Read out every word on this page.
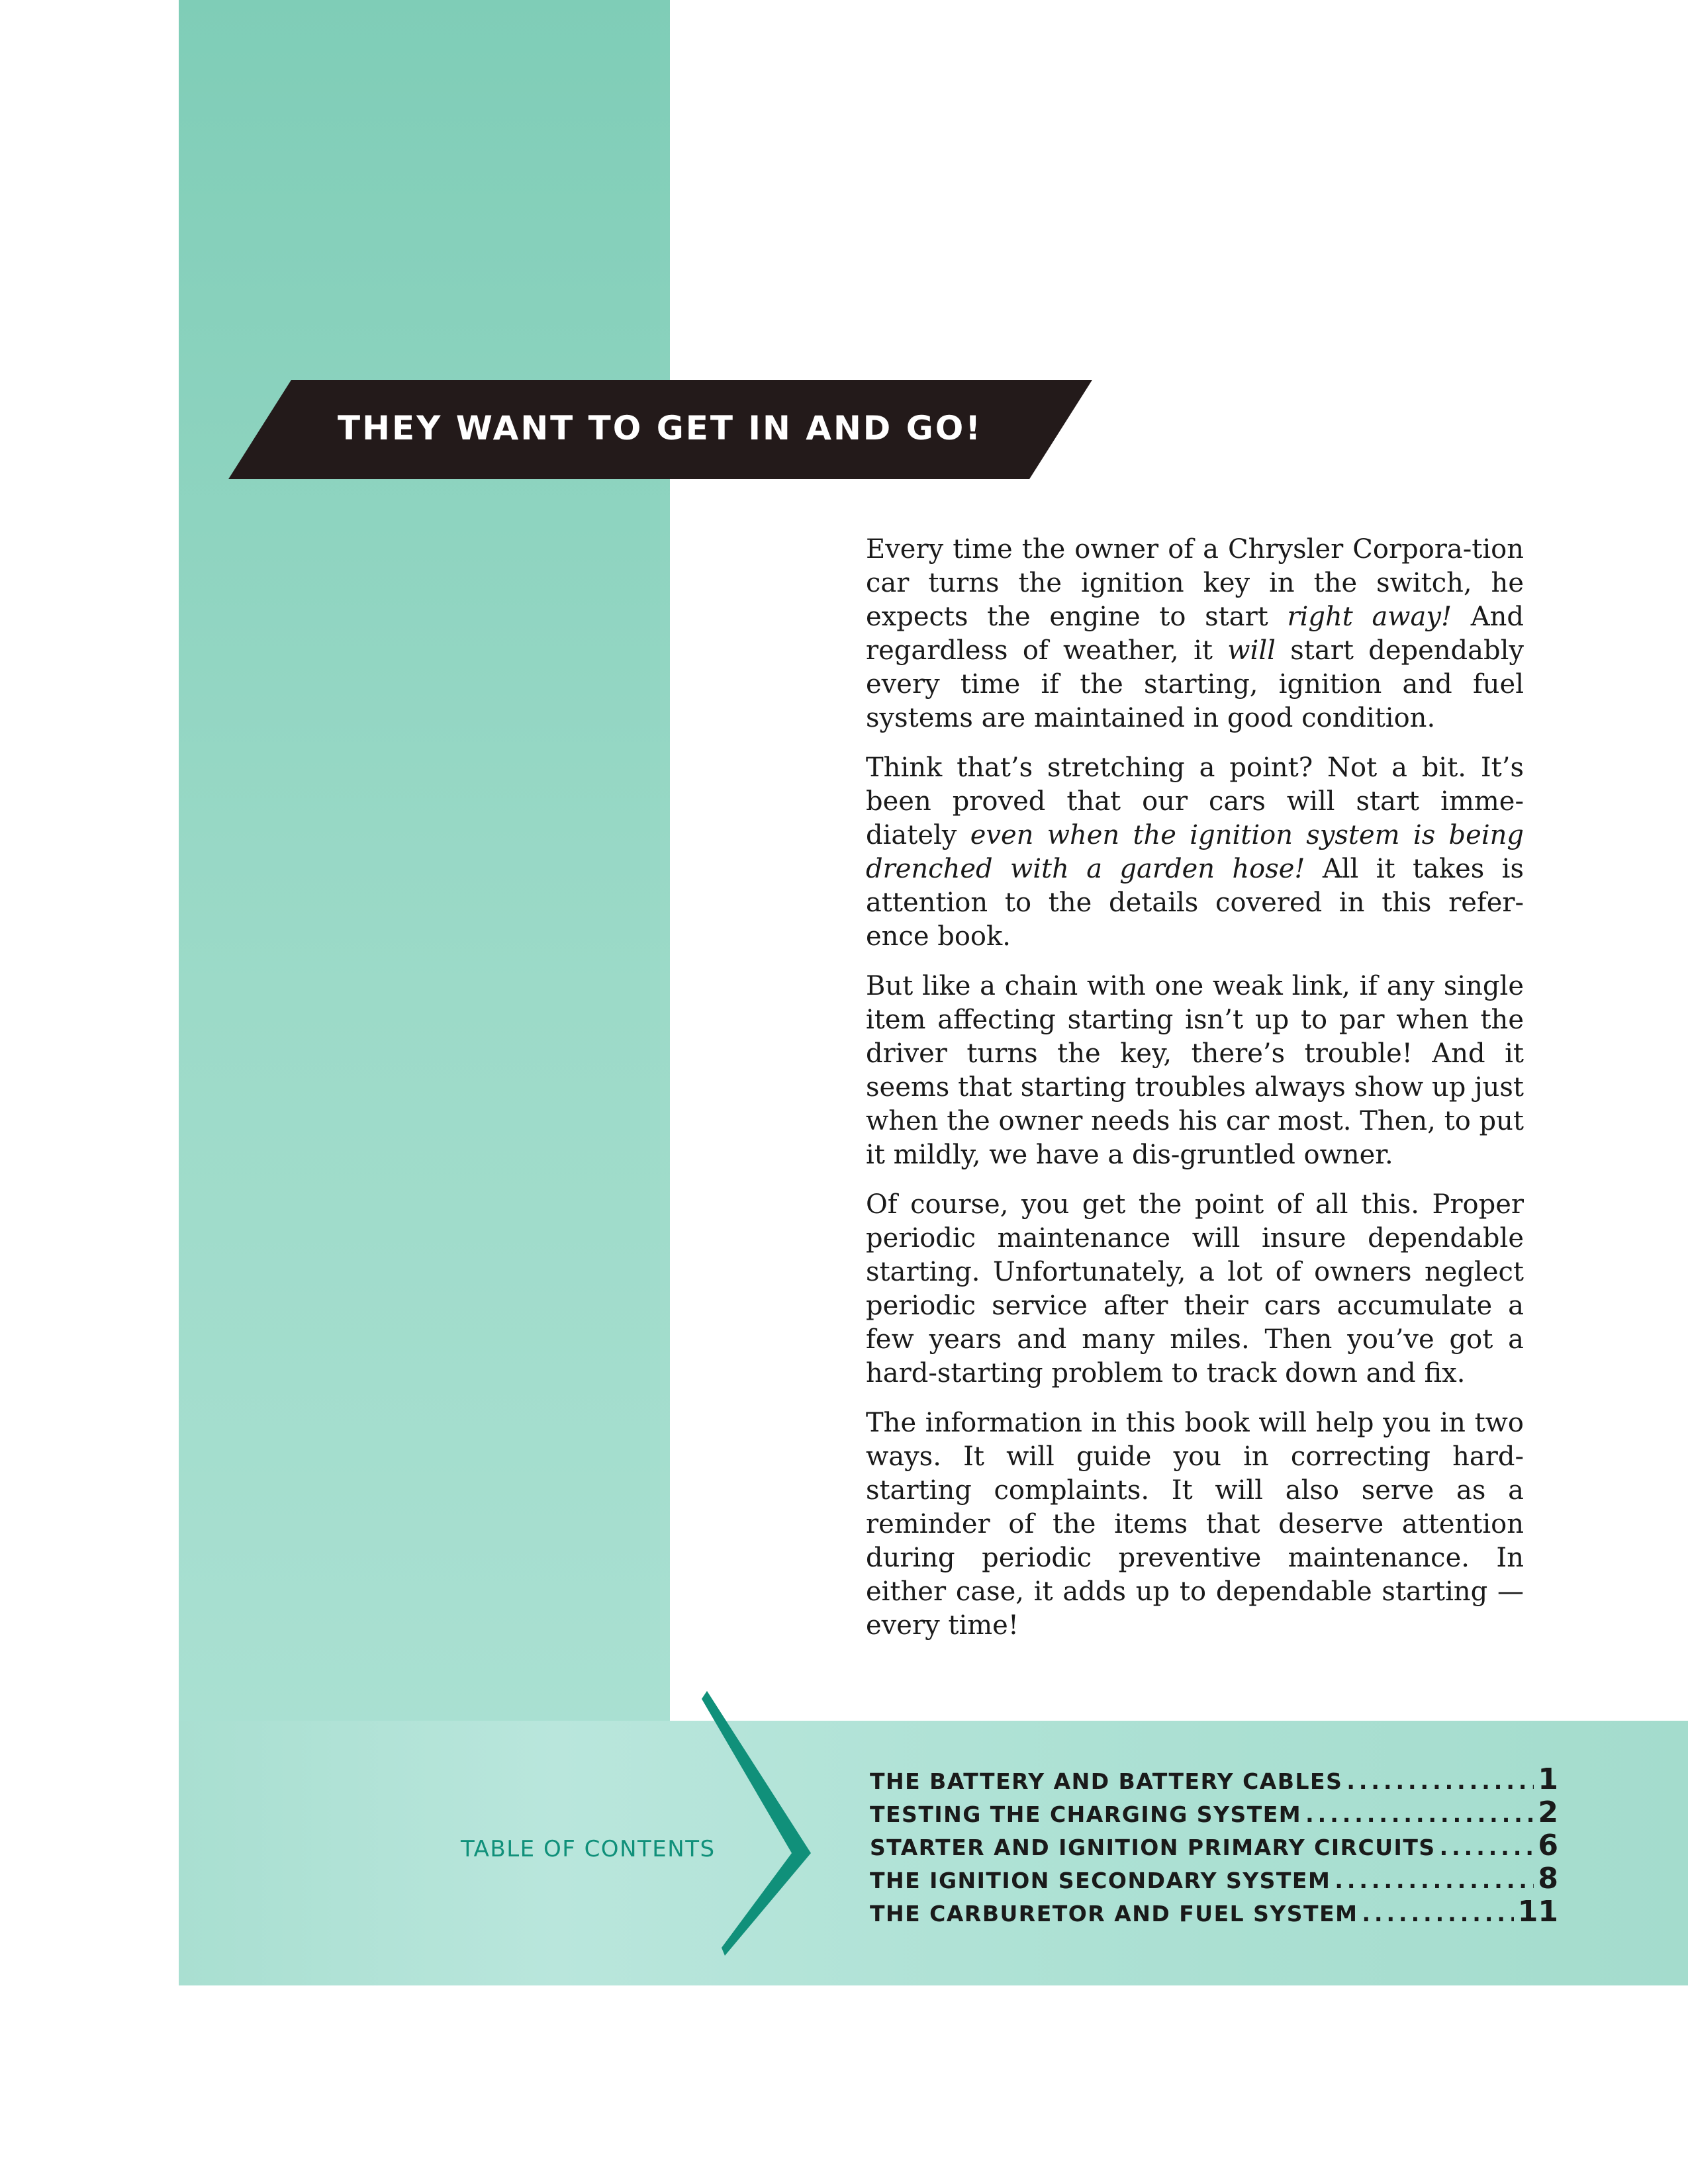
THEY WANT TO GET IN AND GO!

Every time the owner of a Chrysler Corpora-tion car turns the ignition key in the switch, he expects the engine to start right away! And regardless of weather, it will start dependably every time if the starting, ignition and fuel systems are maintained in good condition.

Think that’s stretching a point? Not a bit. It’s been proved that our cars will start imme-diately even when the ignition system is being drenched with a garden hose! All it takes is attention to the details covered in this refer-ence book.

But like a chain with one weak link, if any single item affecting starting isn’t up to par when the driver turns the key, there’s trouble! And it seems that starting troubles always show up just when the owner needs his car most. Then, to put it mildly, we have a dis-gruntled owner.

Of course, you get the point of all this. Proper periodic maintenance will insure dependable starting. Unfortunately, a lot of owners neglect periodic service after their cars accumulate a few years and many miles. Then you’ve got a hard-starting problem to track down and fix.

The information in this book will help you in two ways. It will guide you in correcting hard-starting complaints. It will also serve as a reminder of the items that deserve attention during periodic preventive maintenance. In either case, it adds up to dependable starting —every time!

TABLE OF CONTENTS
THE BATTERY AND BATTERY CABLES .....	1
TESTING THE CHARGING SYSTEM .....	2
STARTER AND IGNITION PRIMARY CIRCUITS .....	6
THE IGNITION SECONDARY SYSTEM .....	8
THE CARBURETOR AND FUEL SYSTEM .....	11
